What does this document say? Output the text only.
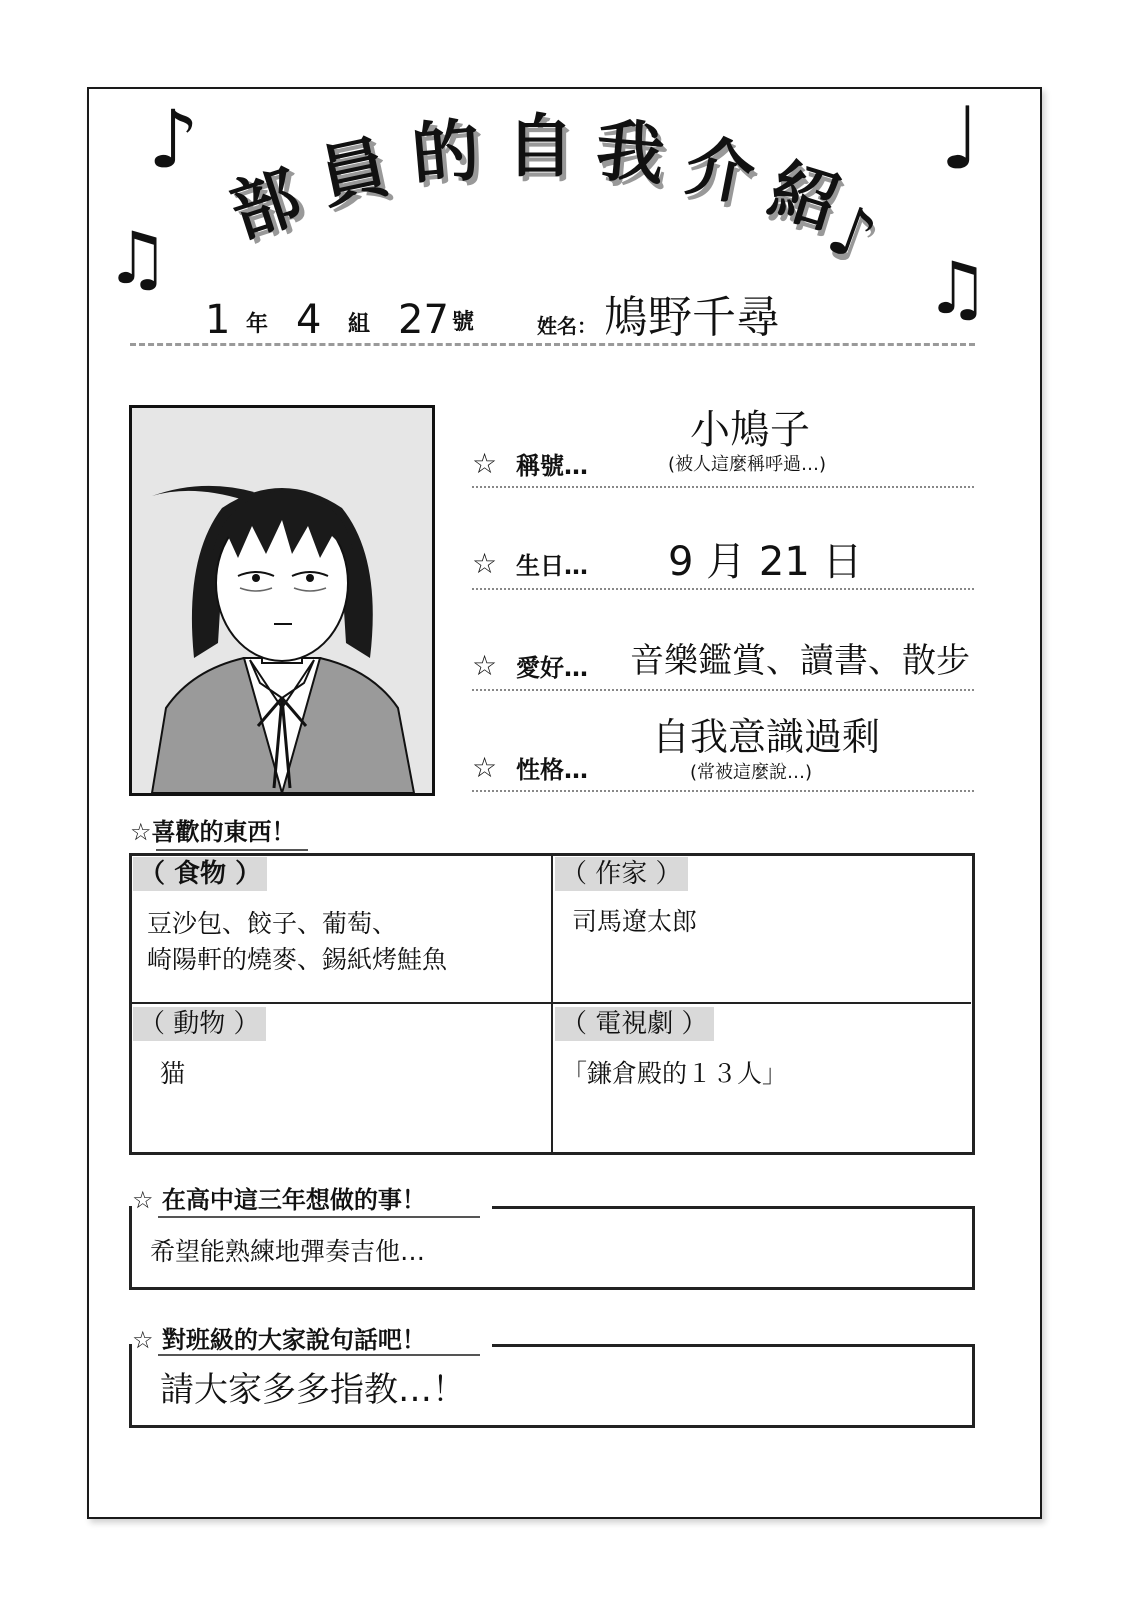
♪
♫
♩
♫
部 員 的 自 我 介 紹
♪
1 年 4 組 27 號	姓名： 鳩野千尋
☆ 稱號…
小鳩子
(被人這麼稱呼過…)
☆ 生日… 9 月 21 日
☆ 愛好… 音樂鑑賞、讀書、散步
☆ 性格…
自我意識過剩
(常被這麼說…)
☆喜歡的東西！
（ 食物 ）
豆沙包、餃子、葡萄、
崎陽軒的燒麥、錫紙烤鮭魚
（ 作家 ）
司馬遼太郎
（ 動物 ）
猫
（ 電視劇 ）
「鎌倉殿的１３人」
☆ 在高中這三年想做的事！
希望能熟練地彈奏吉他…
☆ 對班級的大家說句話吧！
請大家多多指教…！
